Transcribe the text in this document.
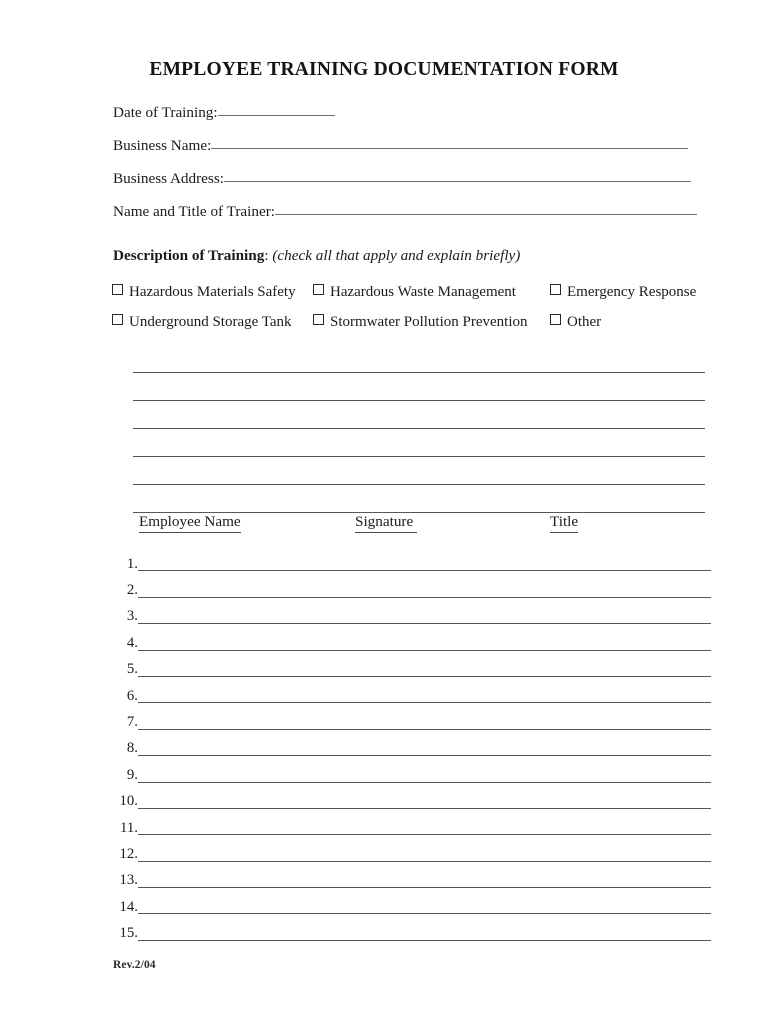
EMPLOYEE TRAINING DOCUMENTATION FORM
Date of Training:
Business Name:
Business Address:
Name and Title of Trainer:
Description of Training: (check all that apply and explain briefly)
Hazardous Materials Safety Hazardous Waste Management	Emergency Response
Underground Storage Tank	Stormwater Pollution Prevention	Other
Employee Name	Signature	Title
1.
2.
3.
4.
5.
6.
7.
8.
9.
10.
11.
12.
13.
14.
15.
Rev.2/04
